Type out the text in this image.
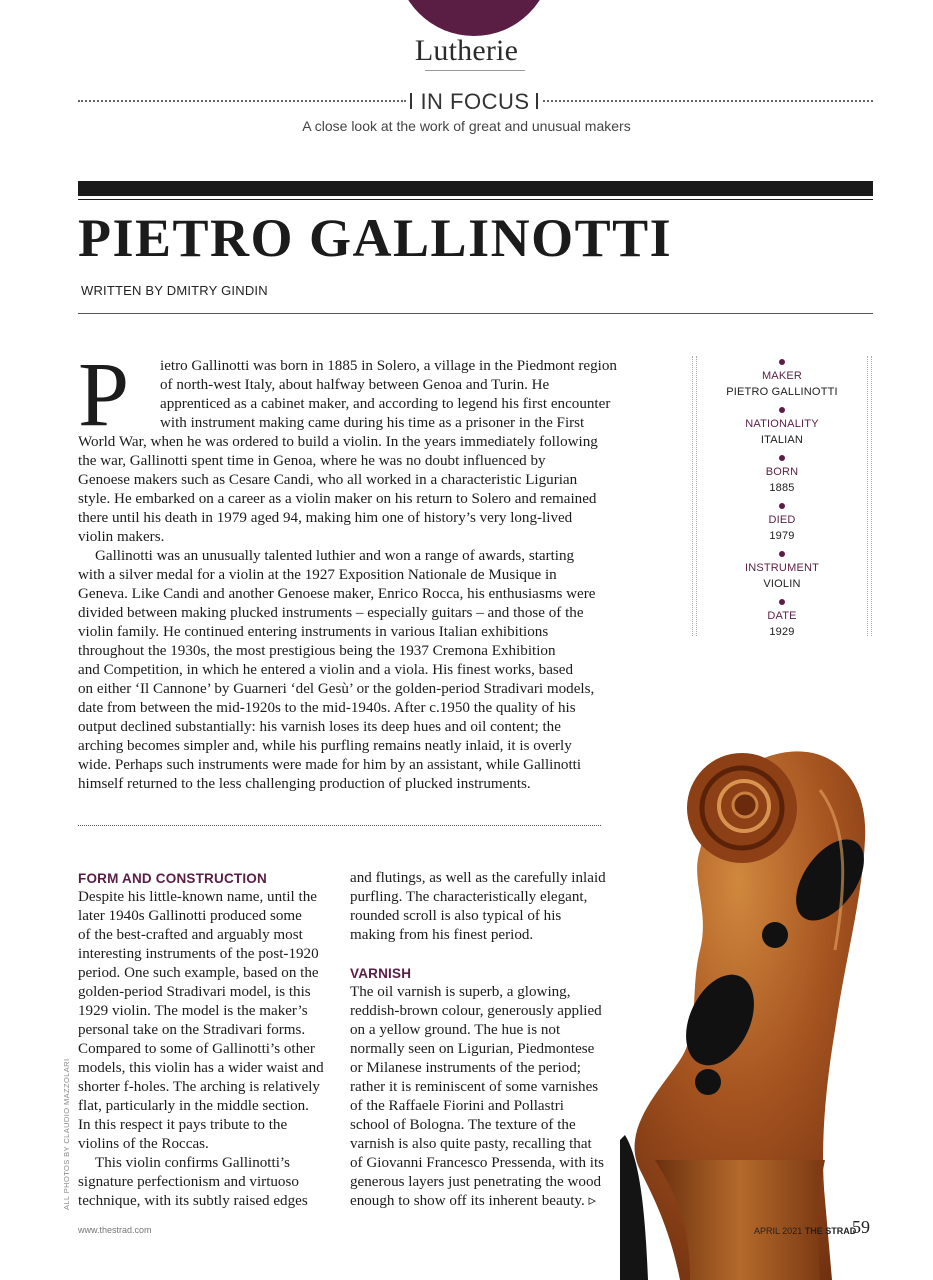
Lutherie
IN FOCUS
A close look at the work of great and unusual makers
PIETRO GALLINOTTI
WRITTEN BY DMITRY GINDIN
P	ietro Gallinotti was born in 1885 in Solero, a village in the Piedmont region
of north-west Italy, about halfway between Genoa and Turin. He
apprenticed as a cabinet maker, and according to legend his first encounter
with instrument making came during his time as a prisoner in the First
World War, when he was ordered to build a violin. In the years immediately following
the war, Gallinotti spent time in Genoa, where he was no doubt influenced by
Genoese makers such as Cesare Candi, who all worked in a characteristic Ligurian
style. He embarked on a career as a violin maker on his return to Solero and remained
there until his death in 1979 aged 94, making him one of history’s very long-lived
violin makers.
Gallinotti was an unusually talented luthier and won a range of awards, starting
with a silver medal for a violin at the 1927 Exposition Nationale de Musique in
Geneva. Like Candi and another Genoese maker, Enrico Rocca, his enthusiasms were
divided between making plucked instruments – especially guitars – and those of the
violin family. He continued entering instruments in various Italian exhibitions
throughout the 1930s, the most prestigious being the 1937 Cremona Exhibition
and Competition, in which he entered a violin and a viola. His finest works, based
on either ‘Il Cannone’ by Guarneri ‘del Gesù’ or the golden-period Stradivari models,
date from between the mid-1920s to the mid-1940s. After c.1950 the quality of his
output declined substantially: his varnish loses its deep hues and oil content; the
arching becomes simpler and, while his purfling remains neatly inlaid, it is overly
wide. Perhaps such instruments were made for him by an assistant, while Gallinotti
himself returned to the less challenging production of plucked instruments.
FORM AND CONSTRUCTION
Despite his little-known name, until the
later 1940s Gallinotti produced some
of the best-crafted and arguably most
interesting instruments of the post-1920
period. One such example, based on the
golden-period Stradivari model, is this
1929 violin. The model is the maker’s
personal take on the Stradivari forms.
Compared to some of Gallinotti’s other
models, this violin has a wider waist and
shorter f-holes. The arching is relatively
flat, particularly in the middle section.
In this respect it pays tribute to the
violins of the Roccas.
This violin confirms Gallinotti’s
signature perfectionism and virtuoso
technique, with its subtly raised edges
and flutings, as well as the carefully inlaid
purfling. The characteristically elegant,
rounded scroll is also typical of his
making from his finest period.
VARNISH
The oil varnish is superb, a glowing,
reddish-brown colour, generously applied
on a yellow ground. The hue is not
normally seen on Ligurian, Piedmontese
or Milanese instruments of the period;
rather it is reminiscent of some varnishes
of the Raffaele Fiorini and Pollastri
school of Bologna. The texture of the
varnish is also quite pasty, recalling that
of Giovanni Francesco Pressenda, with its
generous layers just penetrating the wood
enough to show off its inherent beauty. ▹
MAKER
PIETRO GALLINOTTI
NATIONALITY
ITALIAN
BORN
1885
DIED
1979
INSTRUMENT
VIOLIN
DATE
1929
ALL PHOTOS BY CLAUDIO MAZZOLARI
www.thestrad.com	APRIL 2021 THE STRAD
59
